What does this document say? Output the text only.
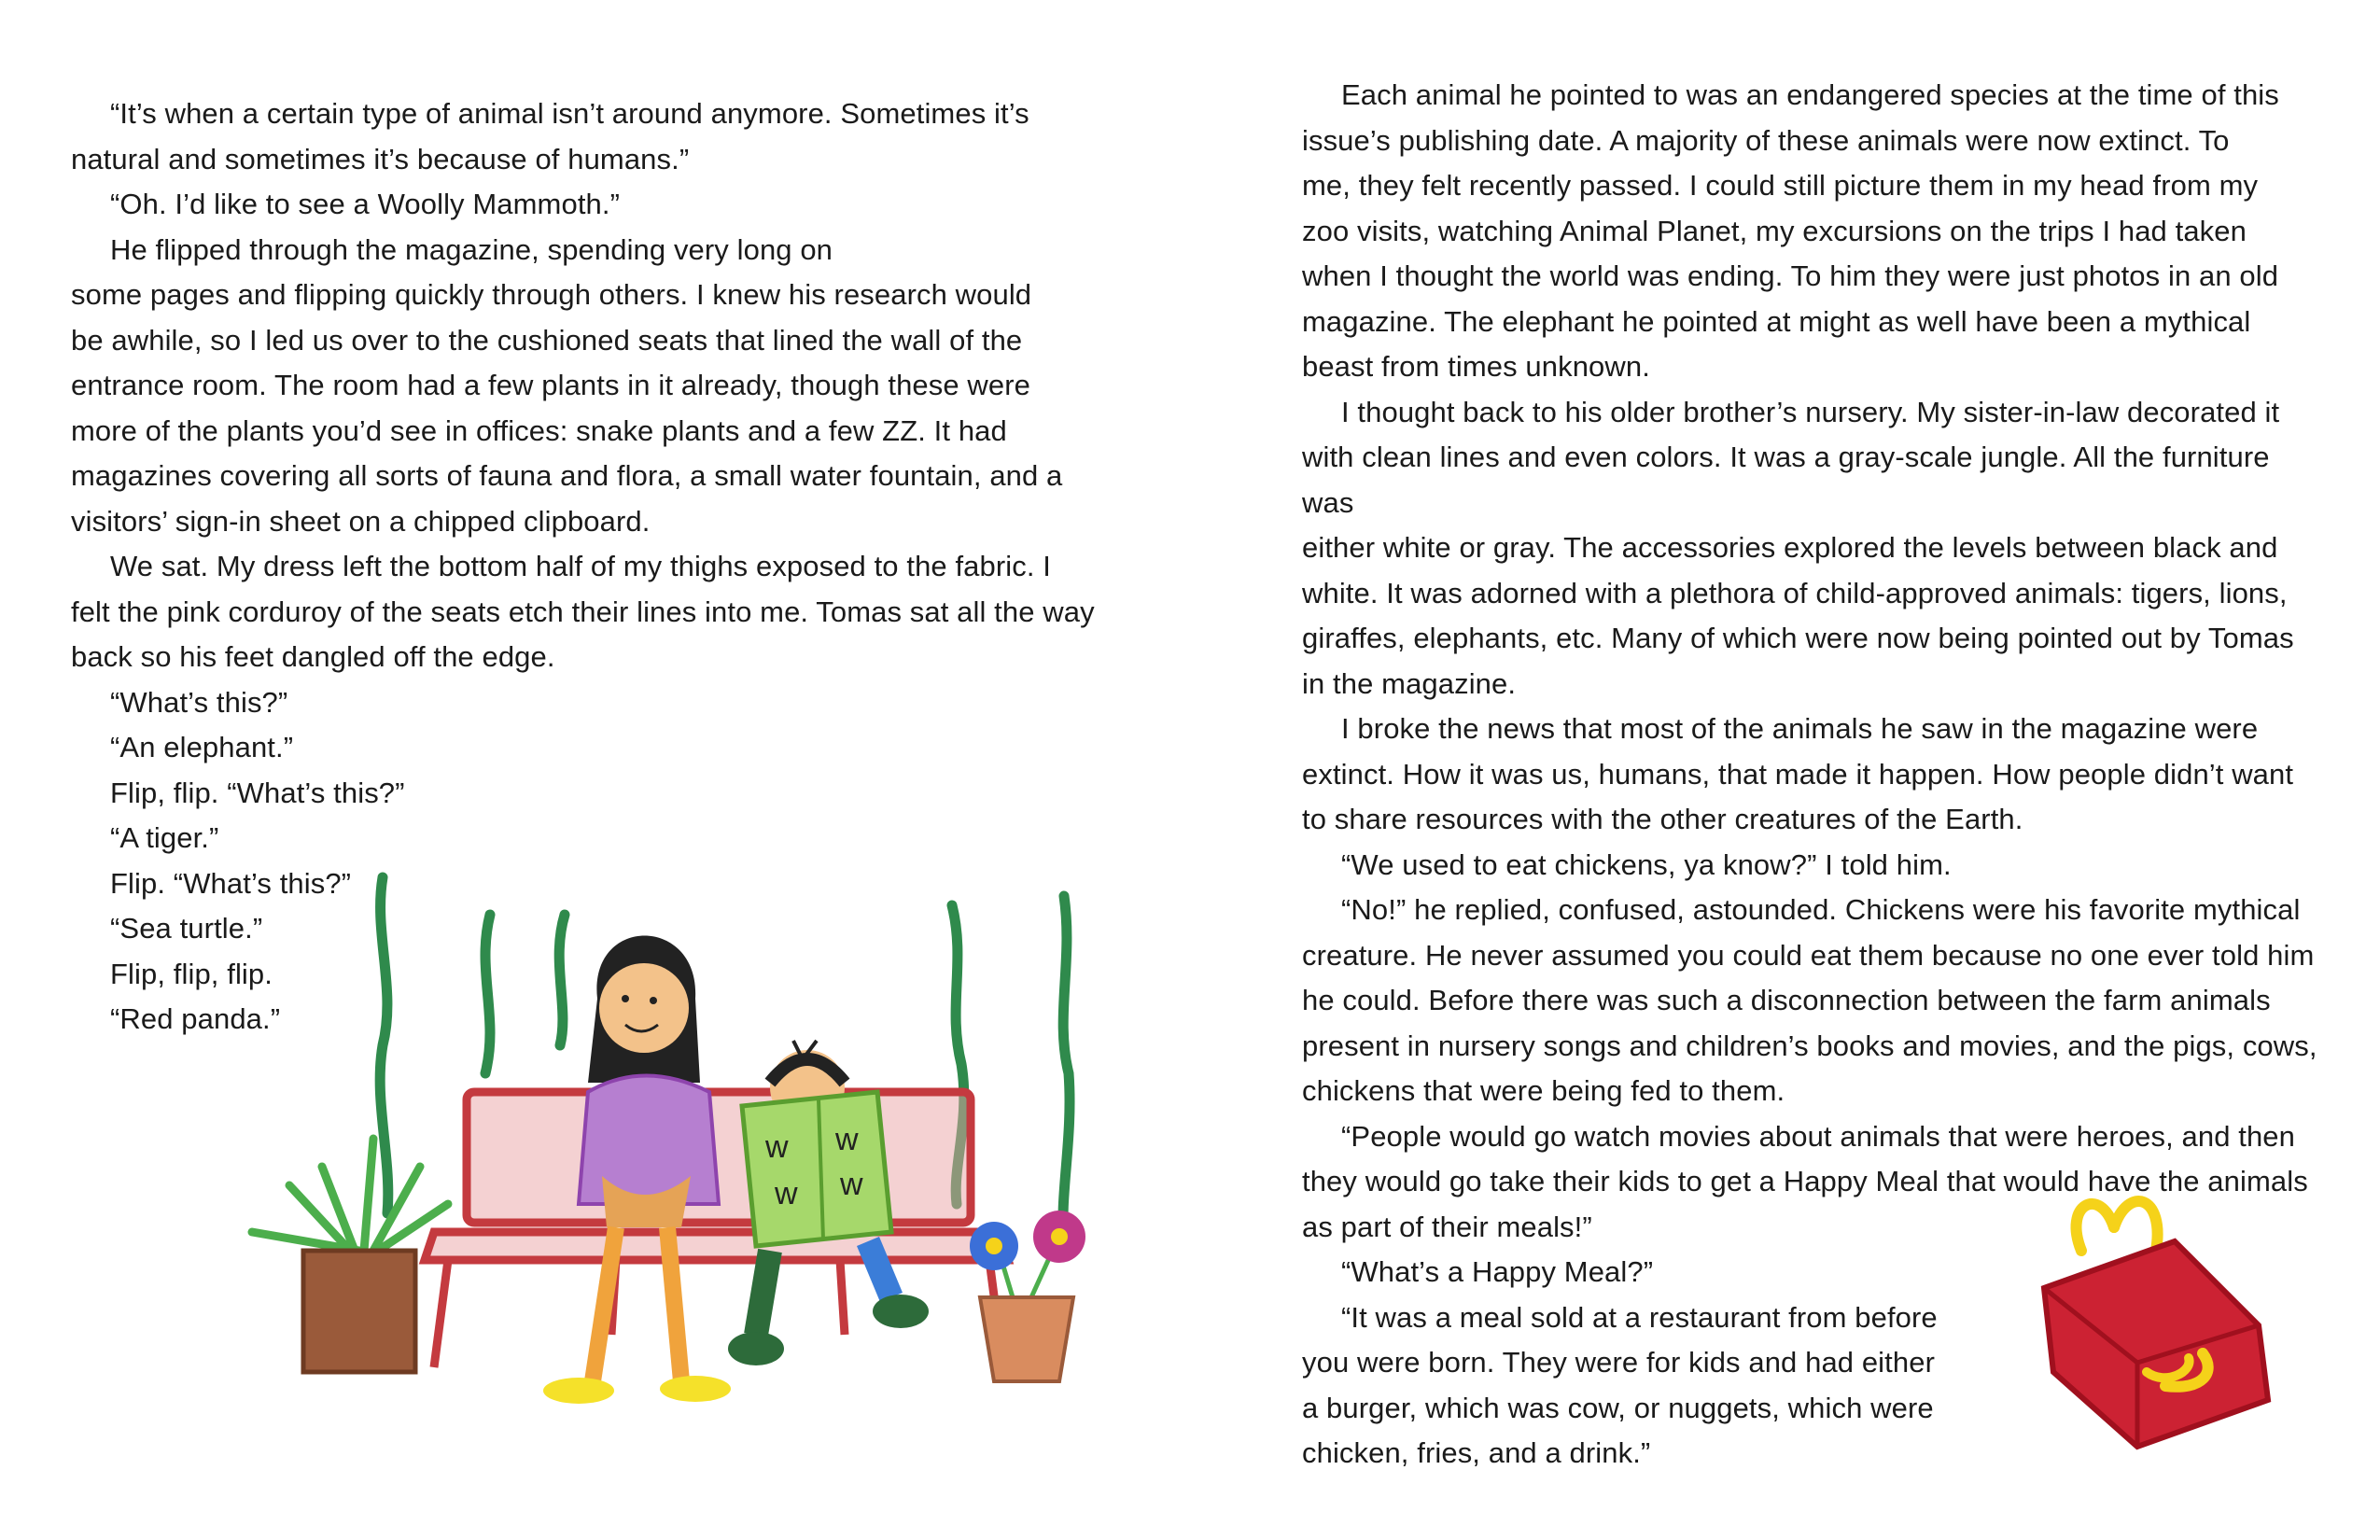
“It’s when a certain type of animal isn’t around anymore. Sometimes it’s

natural and sometimes it’s because of humans.”

“Oh. I’d like to see a Woolly Mammoth.”

He flipped through the magazine, spending very long on

some pages and flipping quickly through others. I knew his research would

be awhile, so I led us over to the cushioned seats that lined the wall of the

entrance room. The room had a few plants in it already, though these were

more of the plants you’d see in offices: snake plants and a few ZZ. It had

magazines covering all sorts of fauna and flora, a small water fountain, and a

visitors’ sign-in sheet on a chipped clipboard.

We sat. My dress left the bottom half of my thighs exposed to the fabric. I

felt the pink corduroy of the seats etch their lines into me. Tomas sat all the way

back so his feet dangled off the edge.

“What’s this?”

“An elephant.”

Flip, flip. “What’s this?”

“A tiger.”

Flip. “What’s this?”

“Sea turtle.”

Flip, flip, flip.

“Red panda.”

w w
w w

Each animal he pointed to was an endangered species at the time of this

issue’s publishing date. A majority of these animals were now extinct. To

me, they felt recently passed. I could still picture them in my head from my

zoo visits, watching Animal Planet, my excursions on the trips I had taken

when I thought the world was ending. To him they were just photos in an old

magazine. The elephant he pointed at might as well have been a mythical

beast from times unknown.

I thought back to his older brother’s nursery. My sister-in-law decorated it

with clean lines and even colors. It was a gray-scale jungle. All the furniture was

either white or gray. The accessories explored the levels between black and

white. It was adorned with a plethora of child-approved animals: tigers, lions,

giraffes, elephants, etc. Many of which were now being pointed out by Tomas

in the magazine.

I broke the news that most of the animals he saw in the magazine were

extinct. How it was us, humans, that made it happen. How people didn’t want

to share resources with the other creatures of the Earth.

“We used to eat chickens, ya know?” I told him.

“No!” he replied, confused, astounded. Chickens were his favorite mythical

creature. He never assumed you could eat them because no one ever told him

he could. Before there was such a disconnection between the farm animals

present in nursery songs and children’s books and movies, and the pigs, cows,

chickens that were being fed to them.

“People would go watch movies about animals that were heroes, and then

they would go take their kids to get a Happy Meal that would have the animals

as part of their meals!”

“What’s a Happy Meal?”

“It was a meal sold at a restaurant from before

you were born. They were for kids and had either

a burger, which was cow, or nuggets, which were

chicken, fries, and a drink.”
